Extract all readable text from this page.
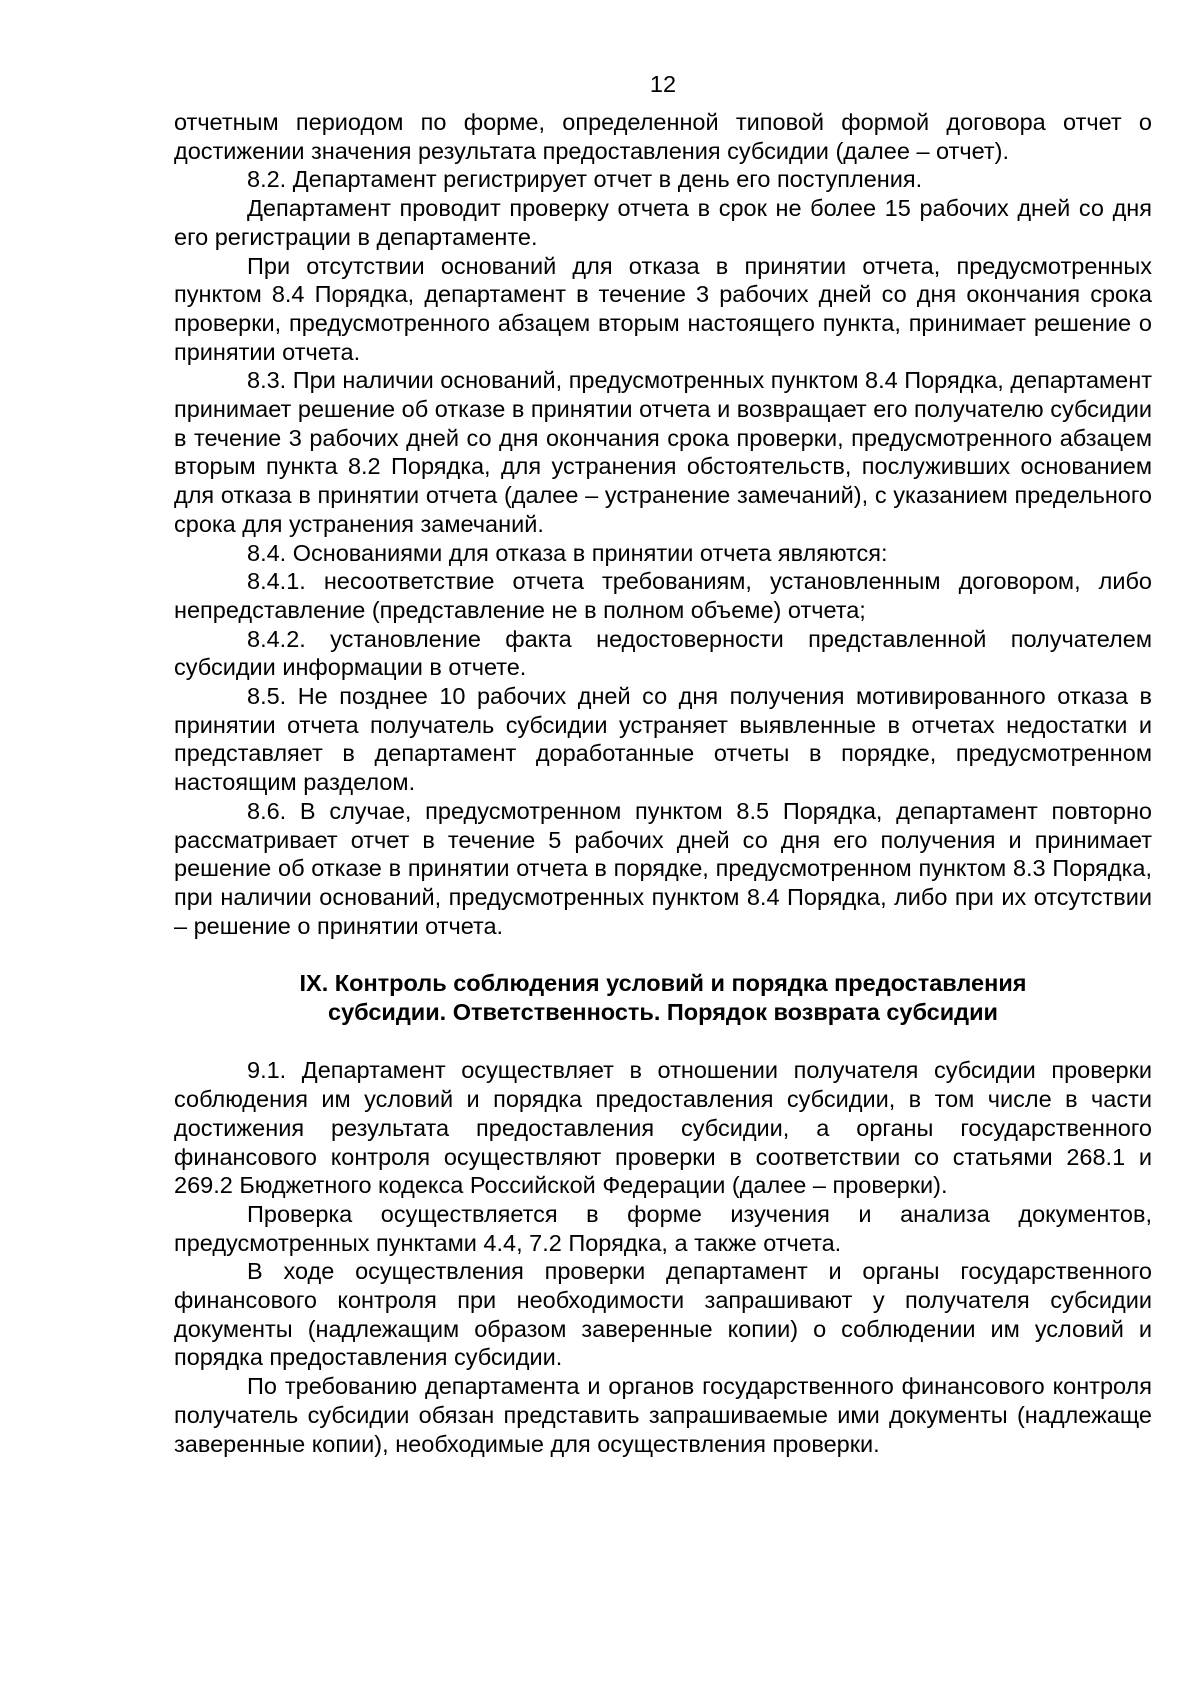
12

отчетным периодом по форме, определенной типовой формой договора отчет о достижении значения результата предоставления субсидии (далее – отчет).

8.2. Департамент регистрирует отчет в день его поступления.

Департамент проводит проверку отчета в срок не более 15 рабочих дней со дня его регистрации в департаменте.

При отсутствии оснований для отказа в принятии отчета, предусмотренных пунктом 8.4 Порядка, департамент в течение 3 рабочих дней со дня окончания срока проверки, предусмотренного абзацем вторым настоящего пункта, принимает решение о принятии отчета.

8.3. При наличии оснований, предусмотренных пунктом 8.4 Порядка, департамент принимает решение об отказе в принятии отчета и возвращает его получателю субсидии в течение 3 рабочих дней со дня окончания срока проверки, предусмотренного абзацем вторым пункта 8.2 Порядка, для устранения обстоятельств, послуживших основанием для отказа в принятии отчета (далее – устранение замечаний), с указанием предельного срока для устранения замечаний.

8.4. Основаниями для отказа в принятии отчета являются:

8.4.1. несоответствие отчета требованиям, установленным договором, либо непредставление (представление не в полном объеме) отчета;

8.4.2. установление факта недостоверности представленной получателем субсидии информации в отчете.

8.5. Не позднее 10 рабочих дней со дня получения мотивированного отказа в принятии отчета получатель субсидии устраняет выявленные в отчетах недостатки и представляет в департамент доработанные отчеты в порядке, предусмотренном настоящим разделом.

8.6. В случае, предусмотренном пунктом 8.5 Порядка, департамент повторно рассматривает отчет в течение 5 рабочих дней со дня его получения и принимает решение об отказе в принятии отчета в порядке, предусмотренном пунктом 8.3 Порядка, при наличии оснований, предусмотренных пунктом 8.4 Порядка, либо при их отсутствии – решение о принятии отчета.

IX. Контроль соблюдения условий и порядка предоставления
субсидии. Ответственность. Порядок возврата субсидии

9.1. Департамент осуществляет в отношении получателя субсидии проверки соблюдения им условий и порядка предоставления субсидии, в том числе в части достижения результата предоставления субсидии, а органы государственного финансового контроля осуществляют проверки в соответствии со статьями 268.1 и 269.2 Бюджетного кодекса Российской Федерации (далее – проверки).

Проверка осуществляется в форме изучения и анализа документов, предусмотренных пунктами 4.4, 7.2 Порядка, а также отчета.

В ходе осуществления проверки департамент и органы государственного финансового контроля при необходимости запрашивают у получателя субсидии документы (надлежащим образом заверенные копии) о соблюдении им условий и порядка предоставления субсидии.

По требованию департамента и органов государственного финансового контроля получатель субсидии обязан представить запрашиваемые ими документы (надлежаще заверенные копии), необходимые для осуществления проверки.
